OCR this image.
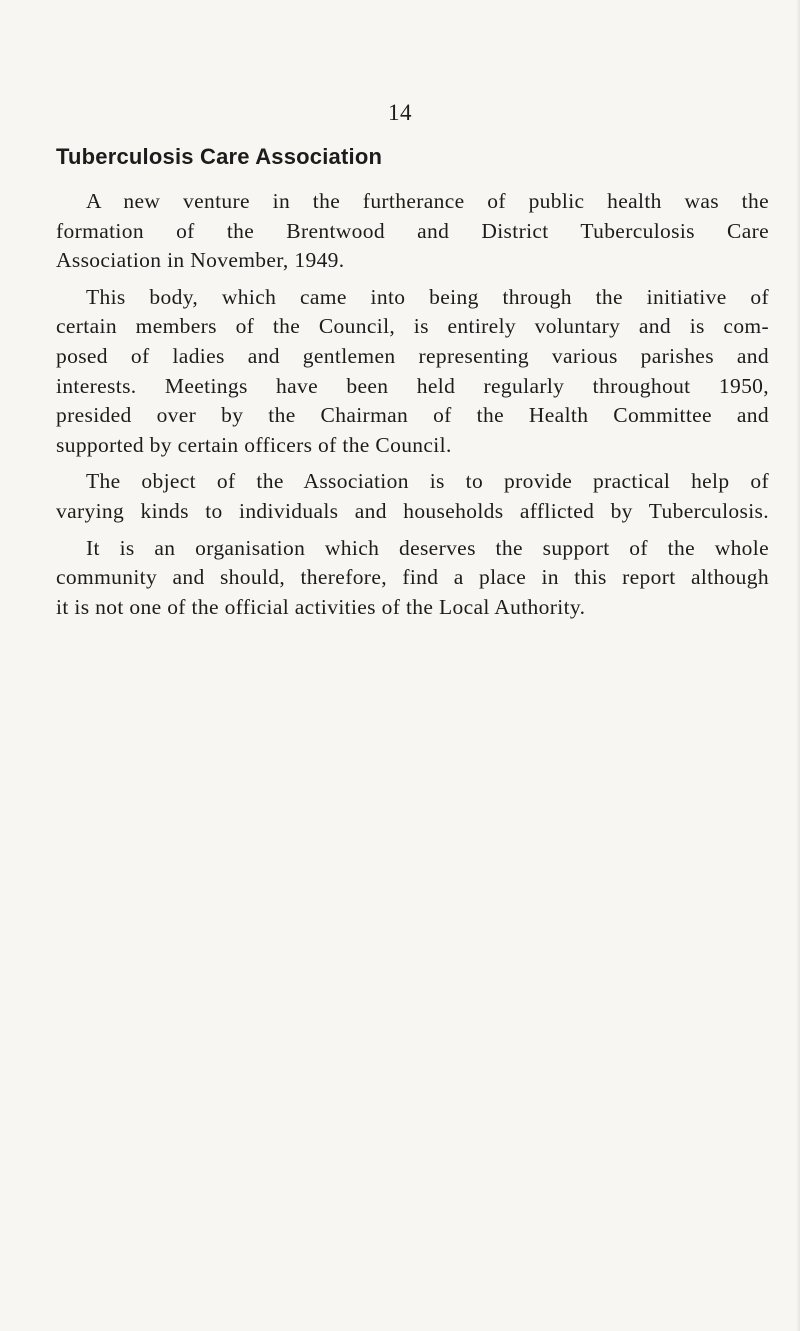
14
Tuberculosis Care Association

A new venture in the furtherance of public health was the
formation of the Brentwood and District Tuberculosis Care
Association in November, 1949.

This body, which came into being through the initiative of
certain members of the Council, is entirely voluntary and is com-
posed of ladies and gentlemen representing various parishes and
interests. Meetings have been held regularly throughout 1950,
presided over by the Chairman of the Health Committee and
supported by certain officers of the Council.

The object of the Association is to provide practical help of
varying kinds to individuals and households afflicted by Tuberculosis.

It is an organisation which deserves the support of the whole
community and should, therefore, find a place in this report although
it is not one of the official activities of the Local Authority.
